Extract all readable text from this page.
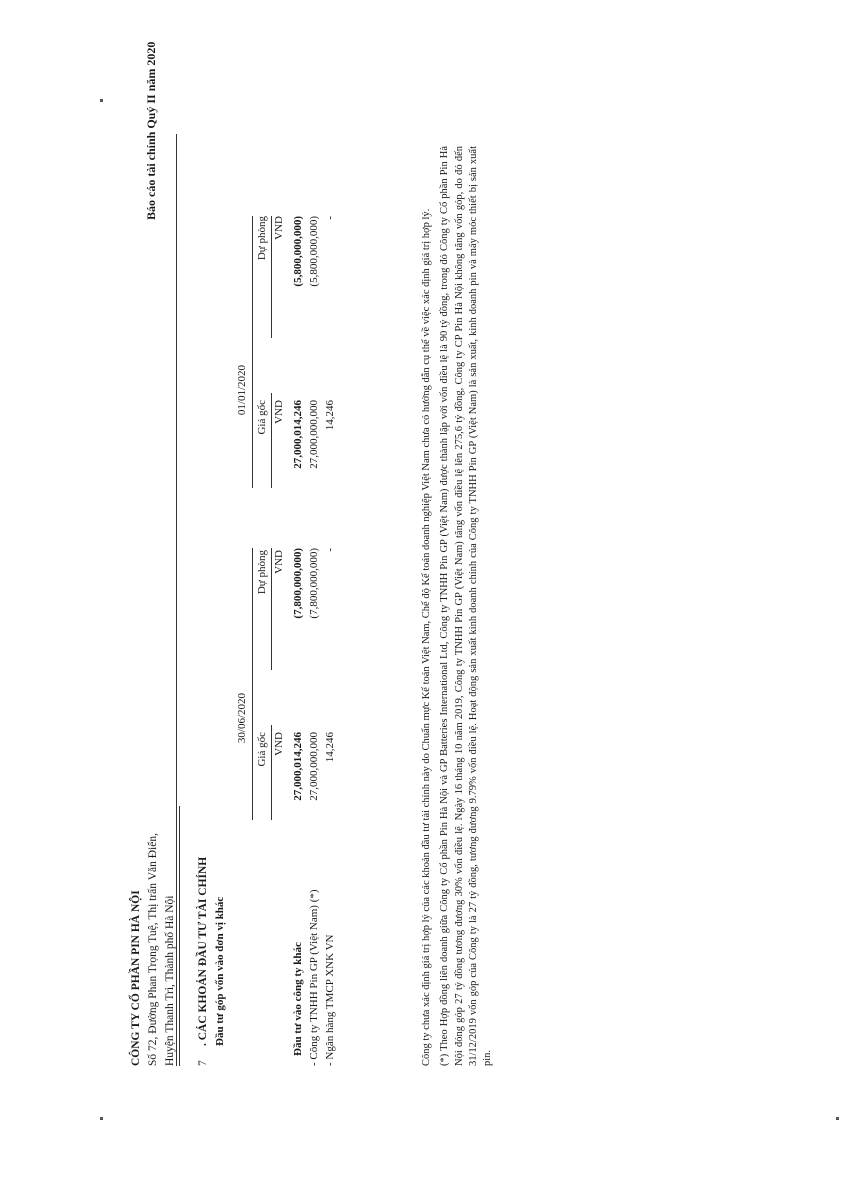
CÔNG TY CỔ PHẦN PIN HÀ NỘI Số 72, Đường Phan Trọng Tuệ, Thị trấn Văn Điển, Huyện Thanh Trì, Thành phố Hà Nội
Báo cáo tài chính Quý II năm 2020
7. CÁC KHOẢN ĐẦU TƯ TÀI CHÍNH Đầu tư góp vốn vào đơn vị khác
30/06/2020
01/01/2020
Giá gốc
Dự phòng
Giá gốc
Dự phòng
VND
VND
VND
VND
Đầu tư vào công ty khác
27,000,014,246
(7,800,000,000)
27,000,014,246
(5,800,000,000)
- Công ty TNHH Pin GP (Việt Nam) (*)
27,000,000,000
(7,800,000,000)
27,000,000,000
(5,800,000,000)
- Ngân hàng TMCP XNK VN
14,246
-
14,246
-	Công ty chưa xác định giá trị hợp lý của các khoản đầu tư tài chính này do Chuẩn mực Kế toán Việt Nam, Chế độ Kế toán doanh nghiệp Việt Nam chưa có hướng dẫn cụ thể về việc xác định giá trị hợp lý. (*) Theo Hợp đồng liên doanh giữa Công ty Cổ phần Pin Hà Nội và GP Batteries International Ltd, Công ty TNHH Pin GP (Việt Nam) được thành lập với vốn điều lệ là 90 tỷ đồng, trong đó Công ty Cổ phần Pin Hà Nội đóng góp 27 tỷ đồng tương đương 30% vốn điều lệ. Ngày 16 tháng 10 năm 2019, Công ty TNHH Pin GP (Việt Nam) tăng vốn điều lệ lên 275,6 tỷ đồng, Công ty CP Pin Hà Nội không tăng vốn góp, do đó đến 31/12/2019 vốn góp của Công ty là 27 tỷ đồng, tương đương 9.79% vốn điều lệ. Hoạt động sản xuất kinh doanh chính của Công ty TNHH Pin GP (Việt Nam) là sản xuất, kinh doanh pin và máy móc thiết bị sản xuất pin.
